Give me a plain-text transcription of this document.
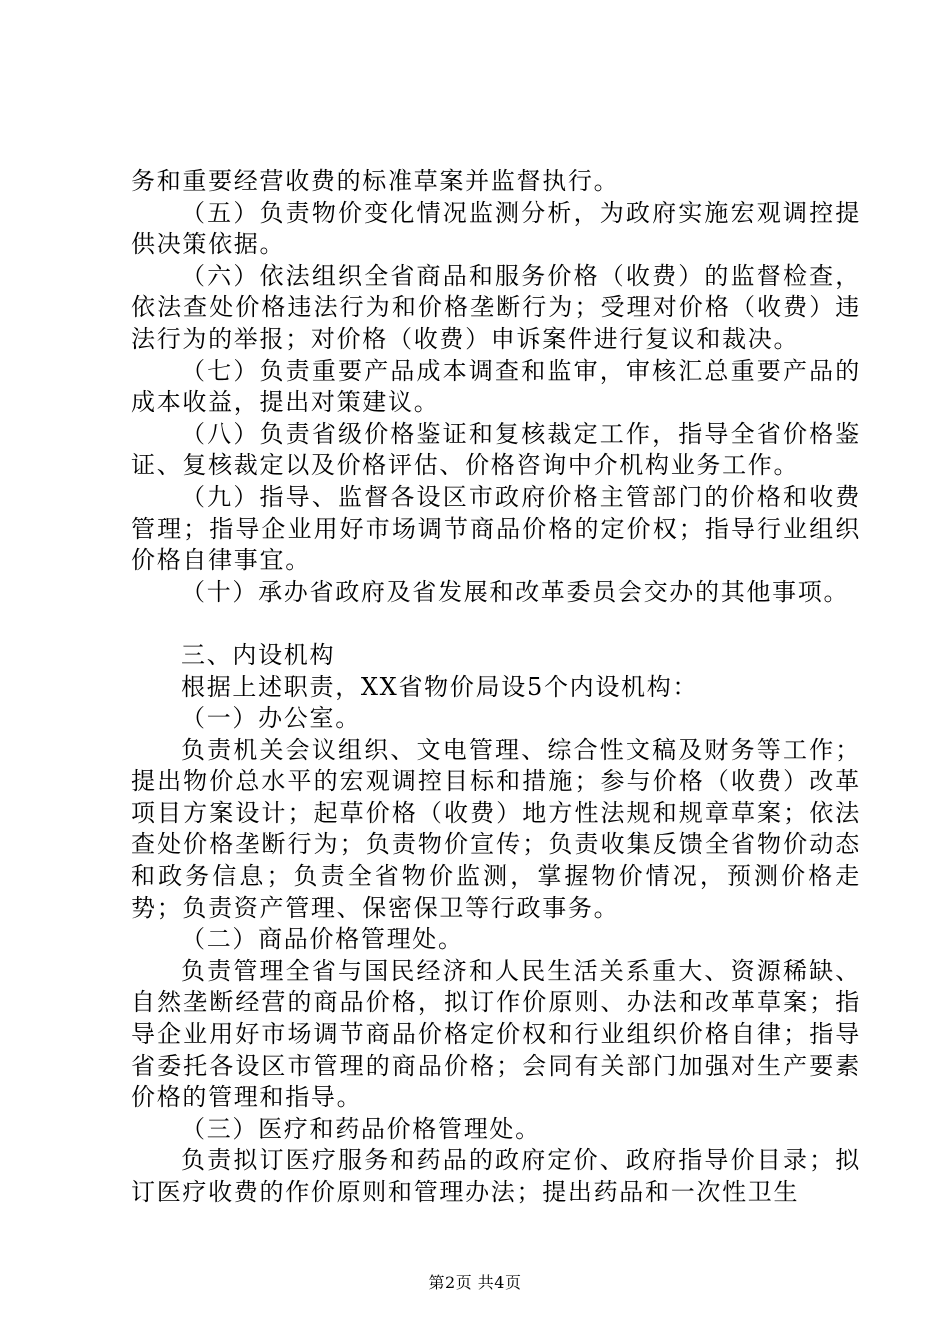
务和重要经营收费的标准草案并监督执行。

（五）负责物价变化情况监测分析，为政府实施宏观调控提供决策依据。

（六）依法组织全省商品和服务价格（收费）的监督检查，依法查处价格违法行为和价格垄断行为；受理对价格（收费）违法行为的举报；对价格（收费）申诉案件进行复议和裁决。

（七）负责重要产品成本调查和监审，审核汇总重要产品的成本收益，提出对策建议。

（八）负责省级价格鉴证和复核裁定工作，指导全省价格鉴证、复核裁定以及价格评估、价格咨询中介机构业务工作。

（九）指导、监督各设区市政府价格主管部门的价格和收费管理；指导企业用好市场调节商品价格的定价权；指导行业组织价格自律事宜。

（十）承办省政府及省发展和改革委员会交办的其他事项。

三、内设机构

根据上述职责，XX省物价局设5个内设机构：

（一）办公室。

负责机关会议组织、文电管理、综合性文稿及财务等工作；提出物价总水平的宏观调控目标和措施；参与价格（收费）改革项目方案设计；起草价格（收费）地方性法规和规章草案；依法查处价格垄断行为；负责物价宣传；负责收集反馈全省物价动态和政务信息；负责全省物价监测，掌握物价情况，预测价格走势；负责资产管理、保密保卫等行政事务。

（二）商品价格管理处。

负责管理全省与国民经济和人民生活关系重大、资源稀缺、自然垄断经营的商品价格，拟订作价原则、办法和改革草案；指导企业用好市场调节商品价格定价权和行业组织价格自律；指导省委托各设区市管理的商品价格；会同有关部门加强对生产要素价格的管理和指导。

（三）医疗和药品价格管理处。

负责拟订医疗服务和药品的政府定价、政府指导价目录；拟订医疗收费的作价原则和管理办法；提出药品和一次性卫生

第2页 共4页
